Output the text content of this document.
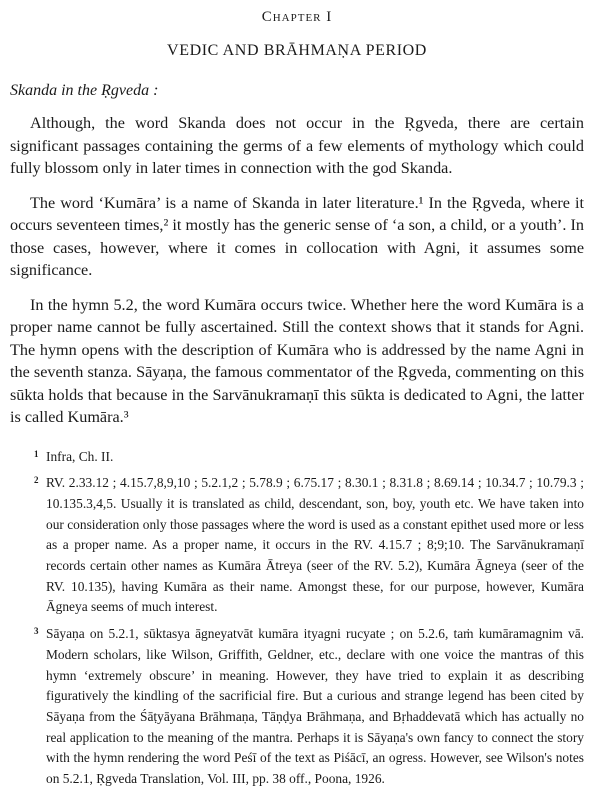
Chapter I
VEDIC AND BRĀHMAṆA PERIOD
Skanda in the Ṛgveda :

Although, the word Skanda does not occur in the Ṛgveda, there are certain significant passages containing the germs of a few elements of mythology which could fully blossom only in later times in connection with the god Skanda.

The word ‘Kumāra’ is a name of Skanda in later literature.¹ In the Ṛgveda, where it occurs seventeen times,² it mostly has the generic sense of ‘a son, a child, or a youth’. In those cases, however, where it comes in collocation with Agni, it assumes some significance.

In the hymn 5.2, the word Kumāra occurs twice. Whether here the word Kumāra is a proper name cannot be fully ascertained. Still the context shows that it stands for Agni. The hymn opens with the description of Kumāra who is addressed by the name Agni in the seventh stanza. Sāyaṇa, the famous commentator of the Ṛgveda, commenting on this sūkta holds that because in the Sarvānukramaṇī this sūkta is dedicated to Agni, the latter is called Kumāra.³

1 Infra, Ch. II.
2 RV. 2.33.12 ; 4.15.7,8,9,10 ; 5.2.1,2 ; 5.78.9 ; 6.75.17 ; 8.30.1 ; 8.31.8 ; 8.69.14 ; 10.34.7 ; 10.79.3 ; 10.135.3,4,5. Usually it is translated as child, descendant, son, boy, youth etc. We have taken into our consideration only those passages where the word is used as a constant epithet used more or less as a proper name. As a proper name, it occurs in the RV. 4.15.7 ; 8;9;10. The Sarvānukramaṇī records certain other names as Kumāra Ātreya (seer of the RV. 5.2), Kumāra Āgneya (seer of the RV. 10.135), having Kumāra as their name. Amongst these, for our purpose, however, Kumāra Āgneya seems of much interest.
3 Sāyaṇa on 5.2.1, sūktasya āgneyatvāt kumāra ityagni rucyate ; on 5.2.6, taṁ kumāramagnim vā. Modern scholars, like Wilson, Griffith, Geldner, etc., declare with one voice the mantras of this hymn ‘extremely obscure’ in meaning. However, they have tried to explain it as describing figuratively the kindling of the sacrificial fire. But a curious and strange legend has been cited by Sāyaṇa from the Śāṭyāyana Brāhmaṇa, Tāṇḍya Brāhmaṇa, and Bṛhaddevatā which has actually no real application to the meaning of the mantra. Perhaps it is Sāyaṇa's own fancy to connect the story with the hymn rendering the word Peśī of the text as Piśācī, an ogress. However, see Wilson's notes on 5.2.1, Ṛgveda Translation, Vol. III, pp. 38 off., Poona, 1926.
